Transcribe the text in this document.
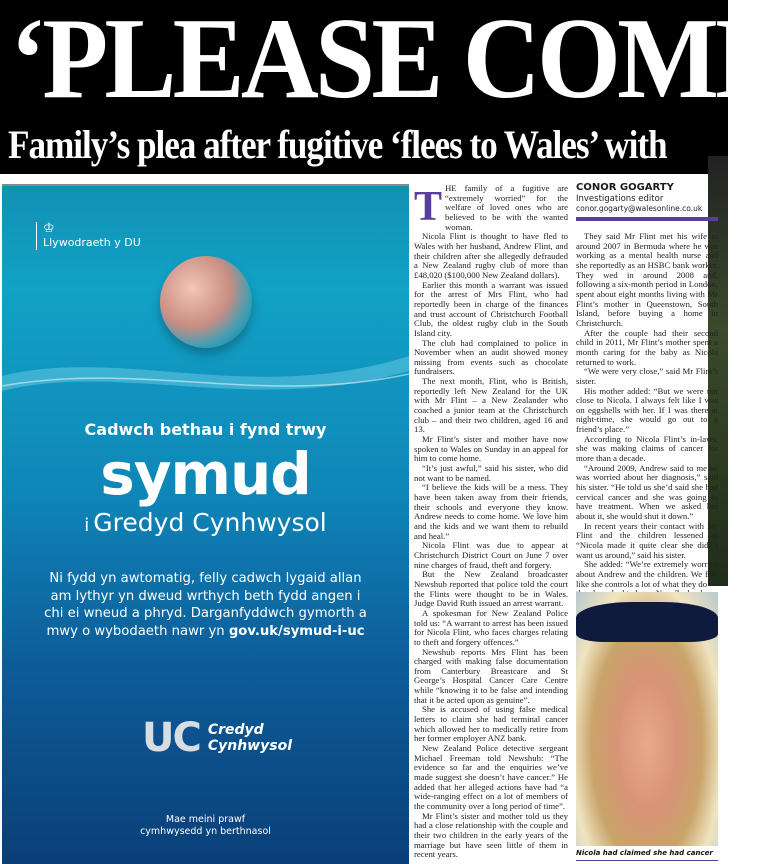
‘PLEASE COME
Family’s plea after fugitive ‘flees to Wales’ with
♔
Llywodraeth y DU
Cadwch bethau i fynd trwy
symud
i Gredyd Cynhwysol
Ni fydd yn awtomatig, felly cadwch lygaid allan am lythyr yn dweud wrthych beth fydd angen i chi ei wneud a phryd. Darganfyddwch gymorth a mwy o wybodaeth nawr yn gov.uk/symud-i-uc
UC Credyd
Cynhwysol
Mae meini prawf
cymhwysedd yn berthnasol
T HE family of a fugitive are “extremely worried” for the welfare of loved ones who are believed to be with the wanted woman.

Nicola Flint is thought to have fled to Wales with her husband, Andrew Flint, and their children after she allegedly defrauded a New Zealand rugby club of more than £48,020 ($100,000 New Zealand dollars).

Earlier this month a warrant was issued for the arrest of Mrs Flint, who had reportedly been in charge of the finances and trust account of Christchurch Football Club, the oldest rugby club in the South Island city.

The club had complained to police in November when an audit showed money missing from events such as chocolate fundraisers.

The next month, Flint, who is British, reportedly left New Zealand for the UK with Mr Flint – a New Zealander who coached a junior team at the Christchurch club – and their two children, aged 16 and 13.

Mr Flint’s sister and mother have now spoken to Wales on Sunday in an appeal for him to come home.

“It’s just awful,” said his sister, who did not want to be named.

“I believe the kids will be a mess. They have been taken away from their friends, their schools and everyone they know. Andrew needs to come home. We love him and the kids and we want them to rebuild and heal.”

Nicola Flint was due to appear at Christchurch District Court on June 7 over nine charges of fraud, theft and forgery.

But the New Zealand broadcaster Newshub reported that police told the court the Flints were thought to be in Wales. Judge David Ruth issued an arrest warrant.

A spokesman for New Zealand Police told us: “A warrant to arrest has been issued for Nicola Flint, who faces charges relating to theft and forgery offences.”

Newshub reports Mrs Flint has been charged with making false documentation from Canterbury Breastcare and St George’s Hospital Cancer Care Centre while “knowing it to be false and intending that it be acted upon as genuine”.

She is accused of using false medical letters to claim she had terminal cancer which allowed her to medically retire from her former employer ANZ bank.

New Zealand Police detective sergeant Michael Freeman told Newshub: “The evidence so far and the enquiries we’ve made suggest she doesn’t have cancer.” He added that her alleged actions have had “a wide-ranging effect on a lot of members of the community over a long period of time”.

Mr Flint’s sister and mother told us they had a close relationship with the couple and their two children in the early years of the marriage but have seen little of them in recent years.

CONOR GOGARTY
Investigations editor
conor.gogarty@walesonline.co.uk

They said Mr Flint met his wife in around 2007 in Bermuda where he was working as a mental health nurse and she reportedly as an HSBC bank worker. They wed in around 2008 and, following a six-month period in London, spent about eight months living with Mr Flint’s mother in Queenstown, South Island, before buying a home in Christchurch.

After the couple had their second child in 2011, Mr Flint’s mother spent a month caring for the baby as Nicola returned to work.

“We were very close,” said Mr Flint’s sister.

His mother added: “But we were not close to Nicola. I always felt like I was on eggshells with her. If I was there at night-time, she would go out to a friend’s place.”

According to Nicola Flint’s in-laws, she was making claims of cancer for more than a decade.

“Around 2009, Andrew said to me he was worried about her diagnosis,” said his sister. “He told us she’d said she had cervical cancer and she was going to have treatment. When we asked her about it, she would shut it down.”

In recent years their contact with Mr Flint and the children lessened as “Nicola made it quite clear she didn’t want us around,” said his sister.

She added: “We’re extremely worried about Andrew and the children. We feel like she controls a lot of what they do —

Nicola had claimed she had cancer
